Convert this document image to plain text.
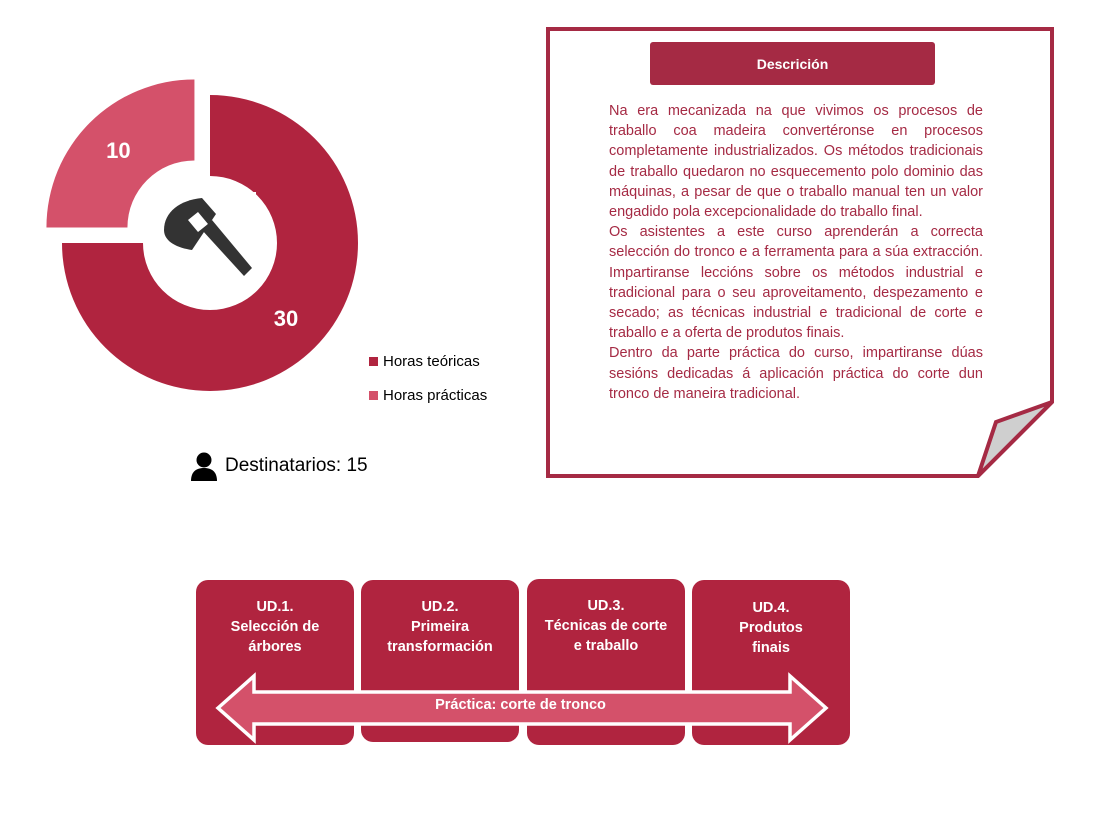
30
10
Horas teóricas
Horas prácticas
Destinatarios: 15
Descrición

Na era mecanizada na que vivimos os procesos de traballo coa madeira convertéronse en procesos completamente industrializados. Os métodos tradicionais de traballo quedaron no esquecemento polo dominio das máquinas, a pesar de que o traballo manual ten un valor engadido pola excepcionalidade do traballo final.

Os asistentes a este curso aprenderán a correcta selección do tronco e a ferramenta para a súa extracción. Impartiranse leccións sobre os métodos industrial e tradicional para o seu aproveitamento, despezamento e secado; as técnicas industrial e tradicional de corte e traballo e a oferta de produtos finais.

Dentro da parte práctica do curso, impartiranse dúas sesións dedicadas á aplicación práctica do corte dun tronco de maneira tradicional.

UD.1.
Selección de
árbores
UD.2.
Primeira
transformación
UD.3.
Técnicas de corte
e traballo
UD.4.
Produtos
finais
Práctica: corte de tronco
